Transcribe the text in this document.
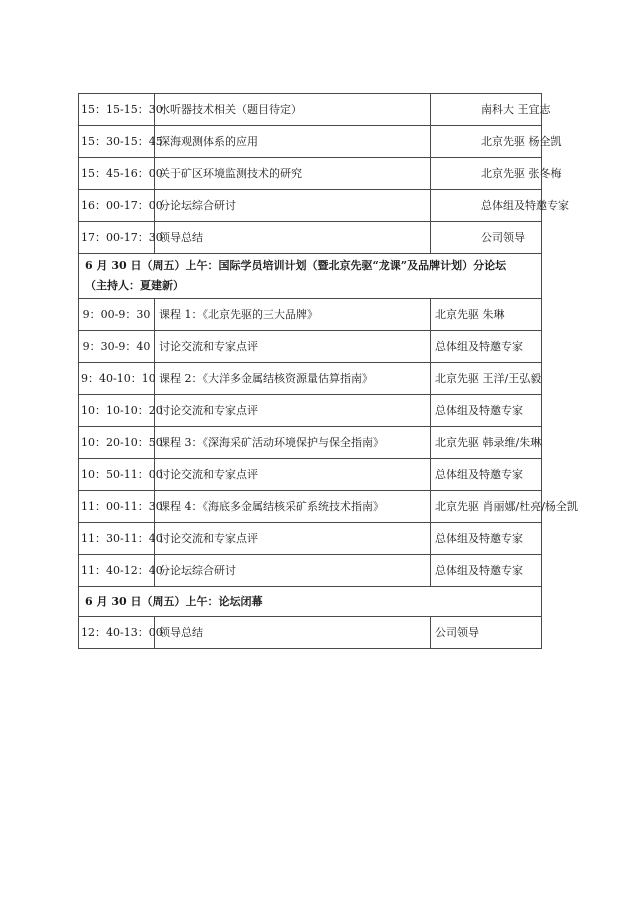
15：15-15：30	水听器技术相关（题目待定）	南科大 王宜志
15：30-15：45	深海观测体系的应用	北京先驱 杨全凯
15：45-16：00	关于矿区环境监测技术的研究	北京先驱 张冬梅
16：00-17：00	分论坛综合研讨	总体组及特邀专家
17：00-17：30	领导总结	公司领导

6 月 30 日（周五）上午：国际学员培训计划（暨北京先驱“龙课”及品牌计划）分论坛
（主持人：夏建新）		

9：00-9：30	课程 1：《北京先驱的三大品牌》	北京先驱 朱琳
9：30-9：40	讨论交流和专家点评	总体组及特邀专家
9：40-10：10	课程 2：《大洋多金属结核资源量估算指南》	北京先驱 王洋/王弘毅
10：10-10：20	讨论交流和专家点评	总体组及特邀专家
10：20-10：50	课程 3：《深海采矿活动环境保护与保全指南》	北京先驱 韩录维/朱琳
10：50-11：00	讨论交流和专家点评	总体组及特邀专家
11：00-11：30	课程 4：《海底多金属结核采矿系统技术指南》	北京先驱 肖丽娜/杜亮/杨全凯
11：30-11：40	讨论交流和专家点评	总体组及特邀专家
11：40-12：40	分论坛综合研讨	总体组及特邀专家
6 月 30 日（周五）上午：论坛闭幕		
12：40-13：00	领导总结	公司领导
